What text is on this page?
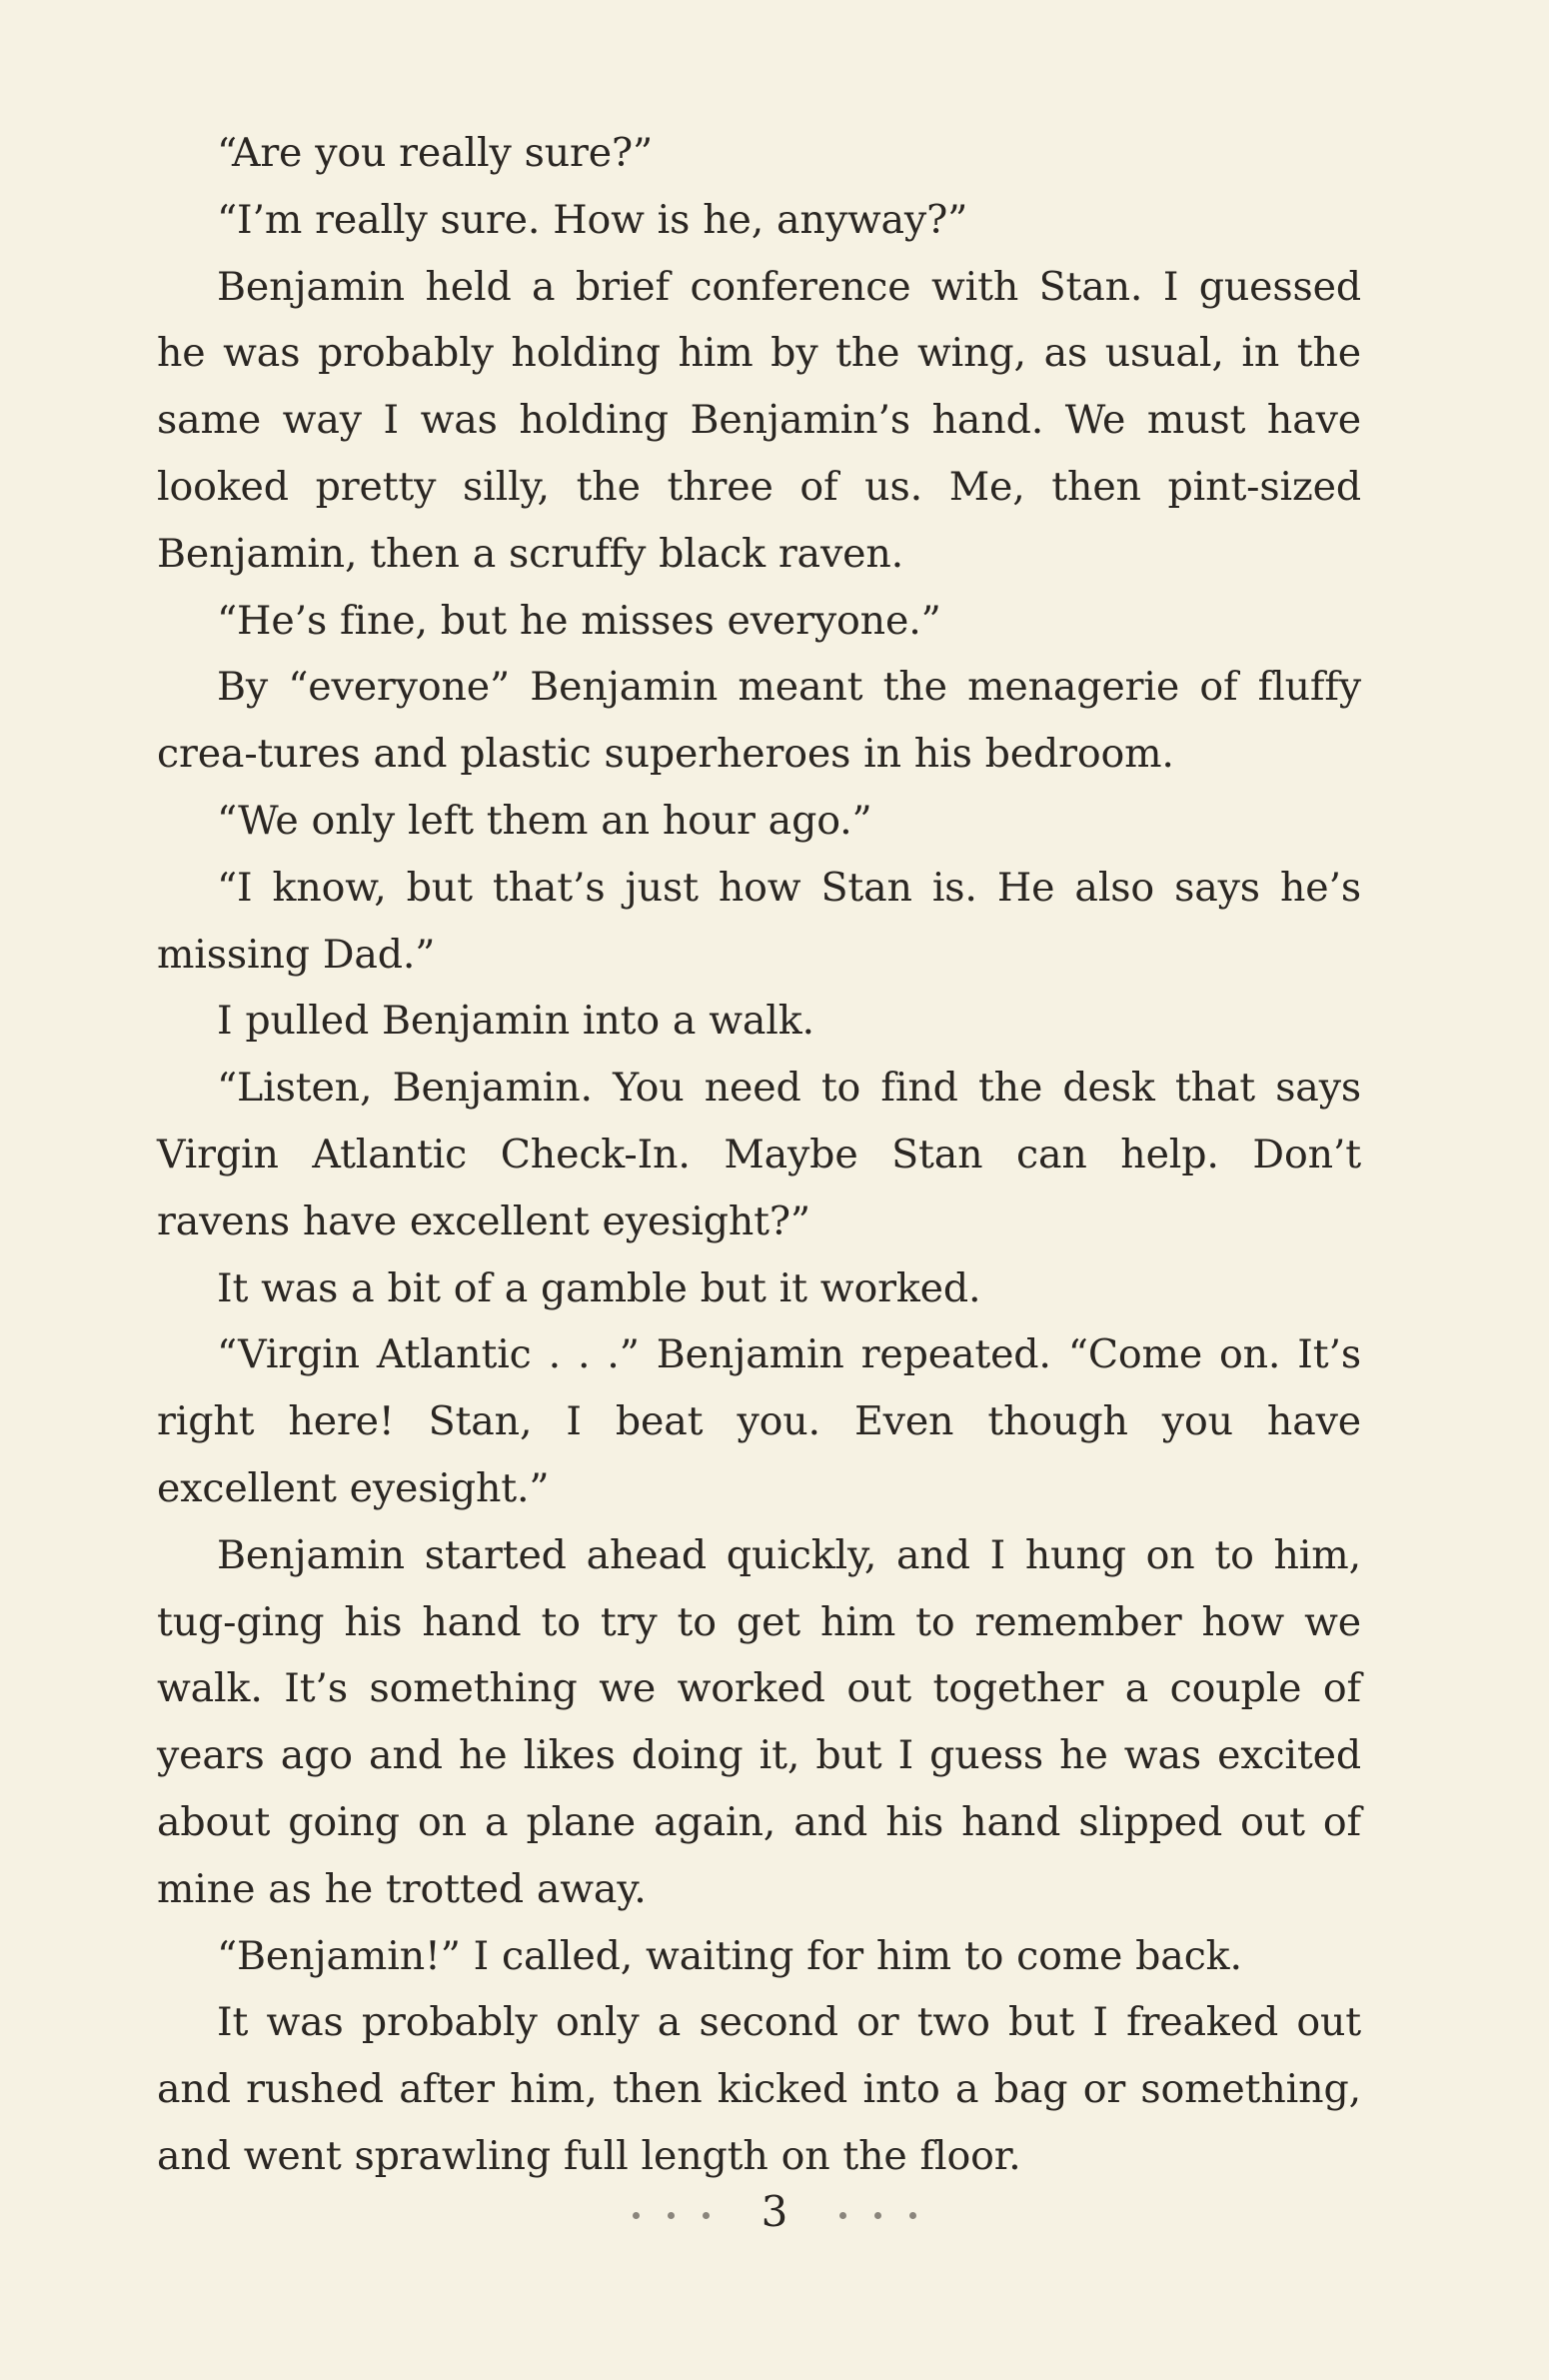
“Are you really sure?”

“I’m really sure. How is he, anyway?”

Benjamin held a brief conference with Stan. I guessed he was probably holding him by the wing, as usual, in the same way I was holding Benjamin’s hand. We must have looked pretty silly, the three of us. Me, then pint-sized Benjamin, then a scruffy black raven.

“He’s fine, but he misses everyone.”

By “everyone” Benjamin meant the menagerie of fluffy crea-tures and plastic superheroes in his bedroom.

“We only left them an hour ago.”

“I know, but that’s just how Stan is. He also says he’s missing Dad.”

I pulled Benjamin into a walk.

“Listen, Benjamin. You need to find the desk that says Virgin Atlantic Check-In. Maybe Stan can help. Don’t ravens have excellent eyesight?”

It was a bit of a gamble but it worked.

“Virgin Atlantic . . .” Benjamin repeated. “Come on. It’s right here! Stan, I beat you. Even though you have excellent eyesight.”

Benjamin started ahead quickly, and I hung on to him, tug-ging his hand to try to get him to remember how we walk. It’s something we worked out together a couple of years ago and he likes doing it, but I guess he was excited about going on a plane again, and his hand slipped out of mine as he trotted away.

“Benjamin!” I called, waiting for him to come back.

It was probably only a second or two but I freaked out and rushed after him, then kicked into a bag or something, and went sprawling full length on the floor.

3
